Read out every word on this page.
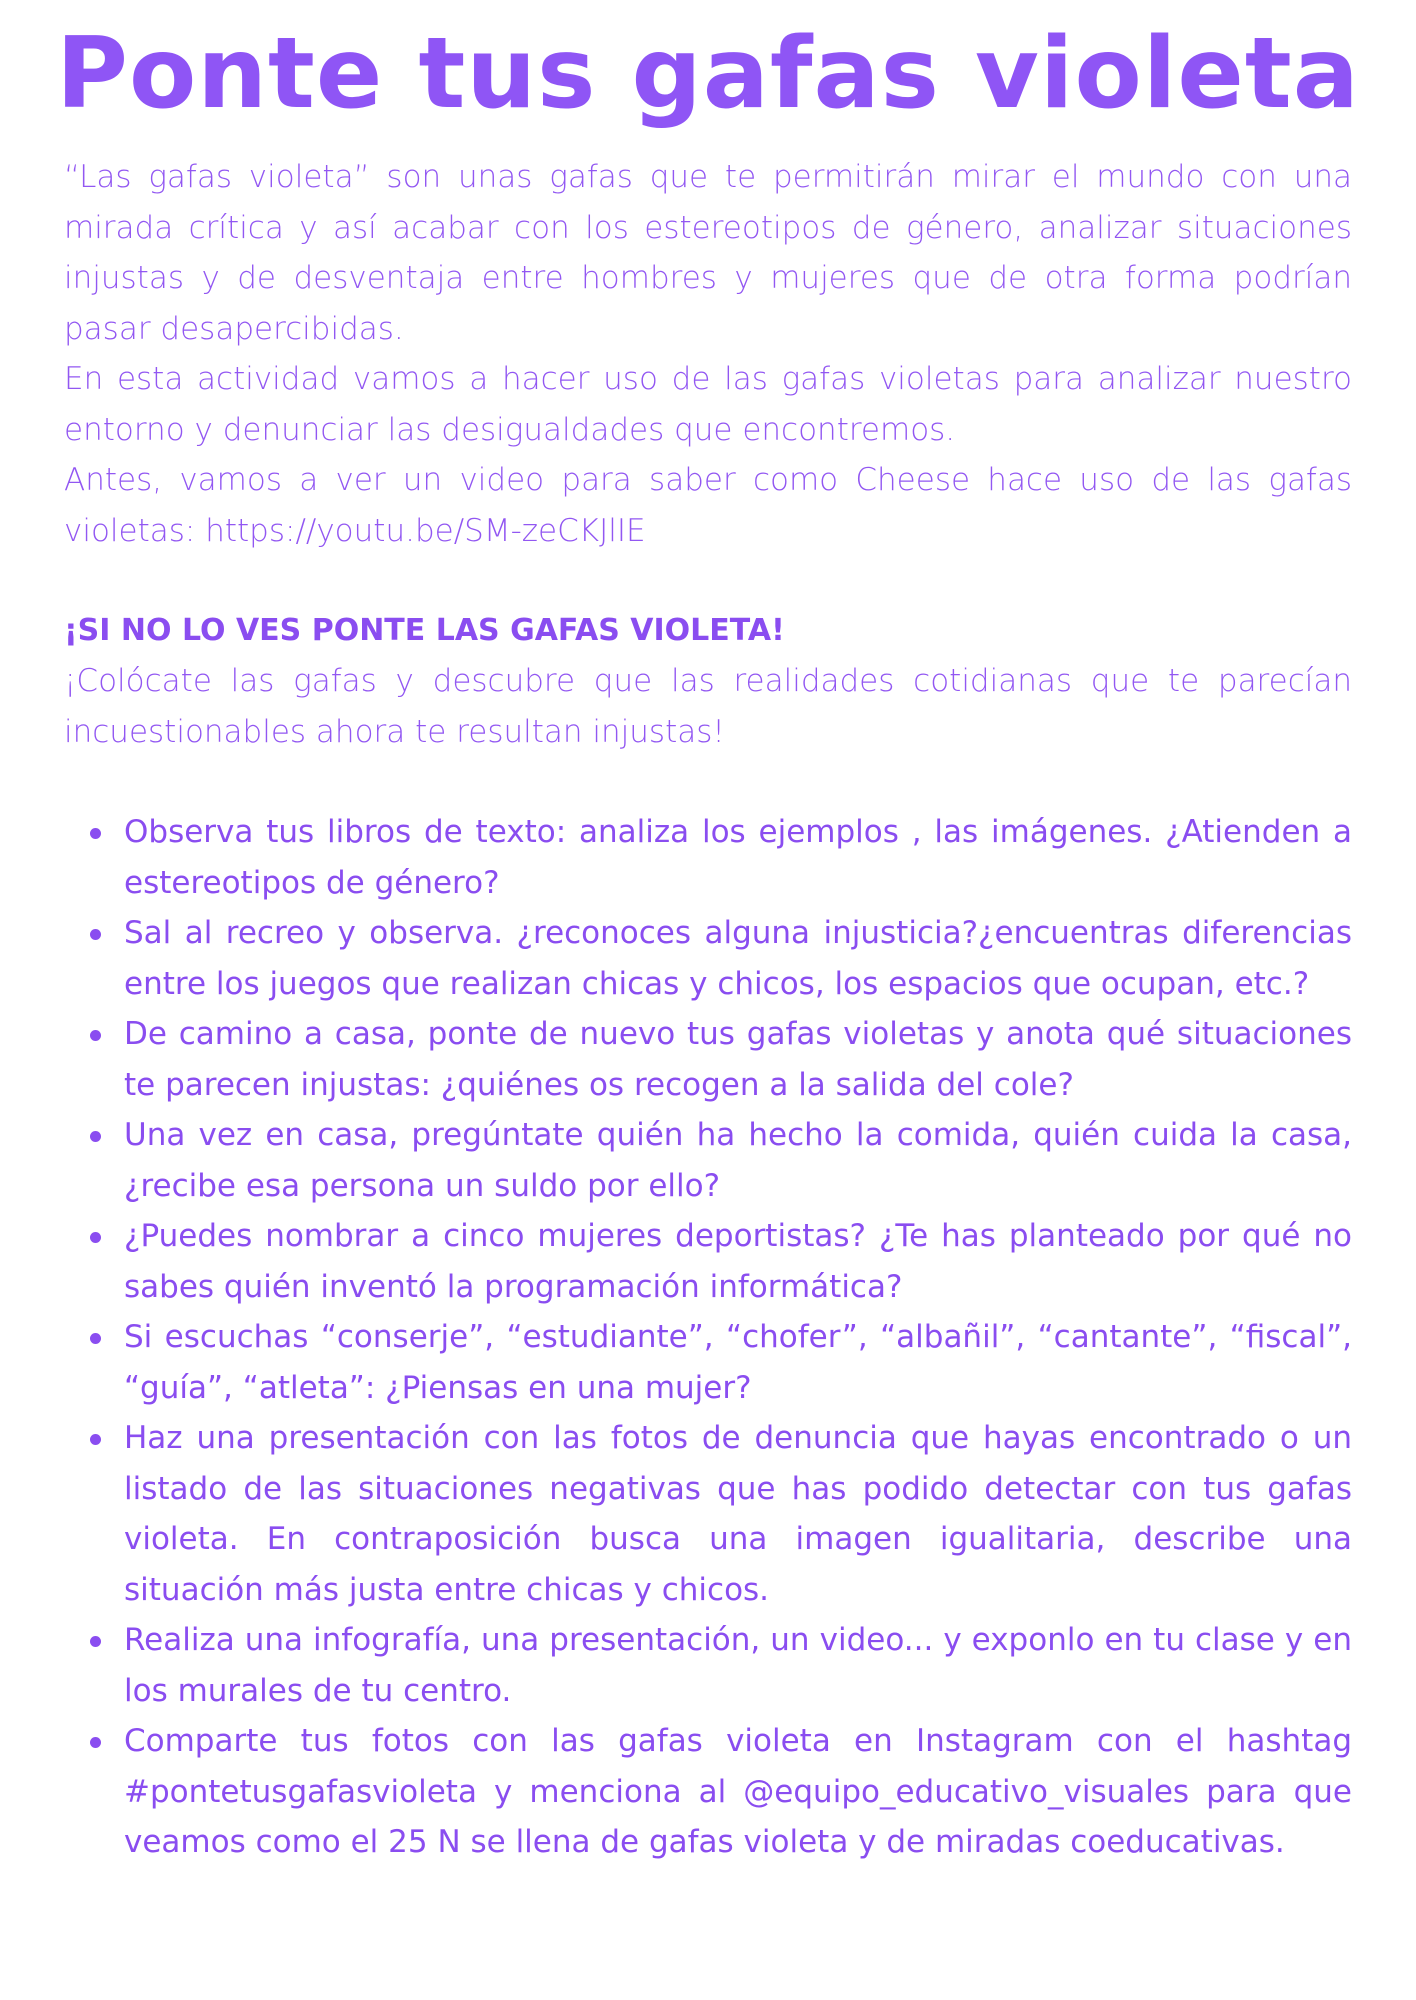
Ponte tus gafas violeta

“Las gafas violeta” son unas gafas que te permitirán mirar el mundo con una mirada crítica y así acabar con los estereotipos de género, analizar situaciones injustas y de desventaja entre hombres y mujeres que de otra forma podrían pasar desapercibidas.

En esta actividad vamos a hacer uso de las gafas violetas para analizar nuestro entorno y denunciar las desigualdades que encontremos.

Antes, vamos a ver un video para saber como Cheese hace uso de las gafas violetas: https://youtu.be/SM-zeCKJlIE

¡SI NO LO VES PONTE LAS GAFAS VIOLETA!

¡Colócate las gafas y descubre que las realidades cotidianas que te parecían incuestionables ahora te resultan injustas!

Observa tus libros de texto: analiza los ejemplos , las imágenes. ¿Atienden a estereotipos de género?
Sal al recreo y observa. ¿reconoces alguna injusticia?¿encuentras diferencias entre los juegos que realizan chicas y chicos, los espacios que ocupan, etc.?
De camino a casa, ponte de nuevo tus gafas violetas y anota qué situaciones te parecen injustas: ¿quiénes os recogen a la salida del cole?
Una vez en casa, pregúntate quién ha hecho la comida, quién cuida la casa, ¿recibe esa persona un suldo por ello?
¿Puedes nombrar a cinco mujeres deportistas? ¿Te has planteado por qué no sabes quién inventó la programación informática?
Si escuchas “conserje”, “estudiante”, “chofer”, “albañil”, “cantante”, “fiscal”, “guía”, “atleta”: ¿Piensas en una mujer?
Haz una presentación con las fotos de denuncia que hayas encontrado o un listado de las situaciones negativas que has podido detectar con tus gafas violeta. En contraposición busca una imagen igualitaria, describe una situación más justa entre chicas y chicos.
Realiza una infografía, una presentación, un video... y exponlo en tu clase y en los murales de tu centro.
Comparte tus fotos con las gafas violeta en Instagram con el hashtag #pontetusgafasvioleta y menciona al @equipo_educativo_visuales para que veamos como el 25 N se llena de gafas violeta y de miradas coeducativas.
